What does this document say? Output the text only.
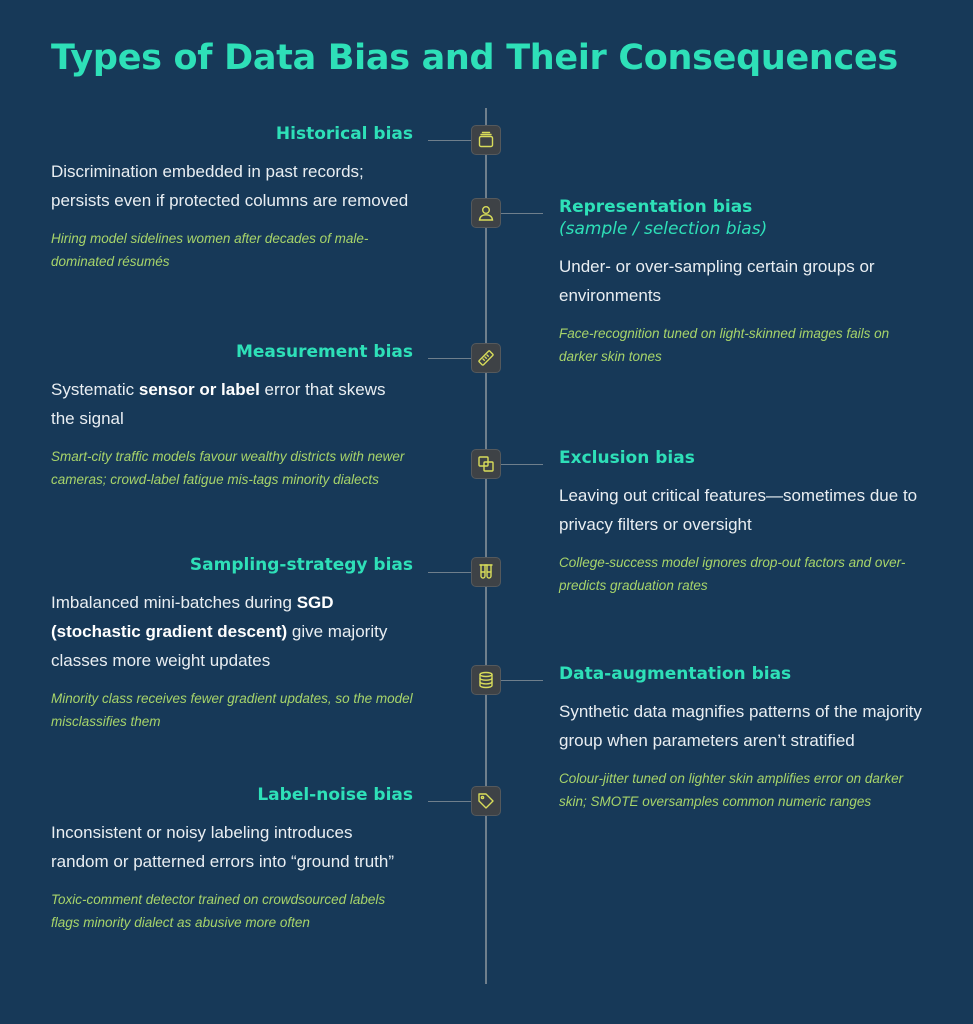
Types of Data Bias and Their Consequences

Historical bias

Discrimination embedded in past records; persists even if protected columns are removed

Hiring model sidelines women after decades of male-dominated résumés

Representation bias

(sample / selection bias)

Under- or over-sampling certain groups or environments

Face-recognition tuned on light-skinned images fails on darker skin tones

Measurement bias

Systematic sensor or label error that skews the signal

Smart-city traffic models favour wealthy districts with newer cameras; crowd-label fatigue mis-tags minority dialects

Exclusion bias

Leaving out critical features—sometimes due to privacy filters or oversight

College-success model ignores drop-out factors and over-predicts graduation rates

Sampling-strategy bias

Imbalanced mini-batches during SGD (stochastic gradient descent) give majority classes more weight updates

Minority class receives fewer gradient updates, so the model misclassifies them

Data-augmentation bias

Synthetic data magnifies patterns of the majority group when parameters aren’t stratified

Colour-jitter tuned on lighter skin amplifies error on darker skin; SMOTE oversamples common numeric ranges

Label-noise bias

Inconsistent or noisy labeling introduces random or patterned errors into “ground truth”

Toxic-comment detector trained on crowdsourced labels flags minority dialect as abusive more often
